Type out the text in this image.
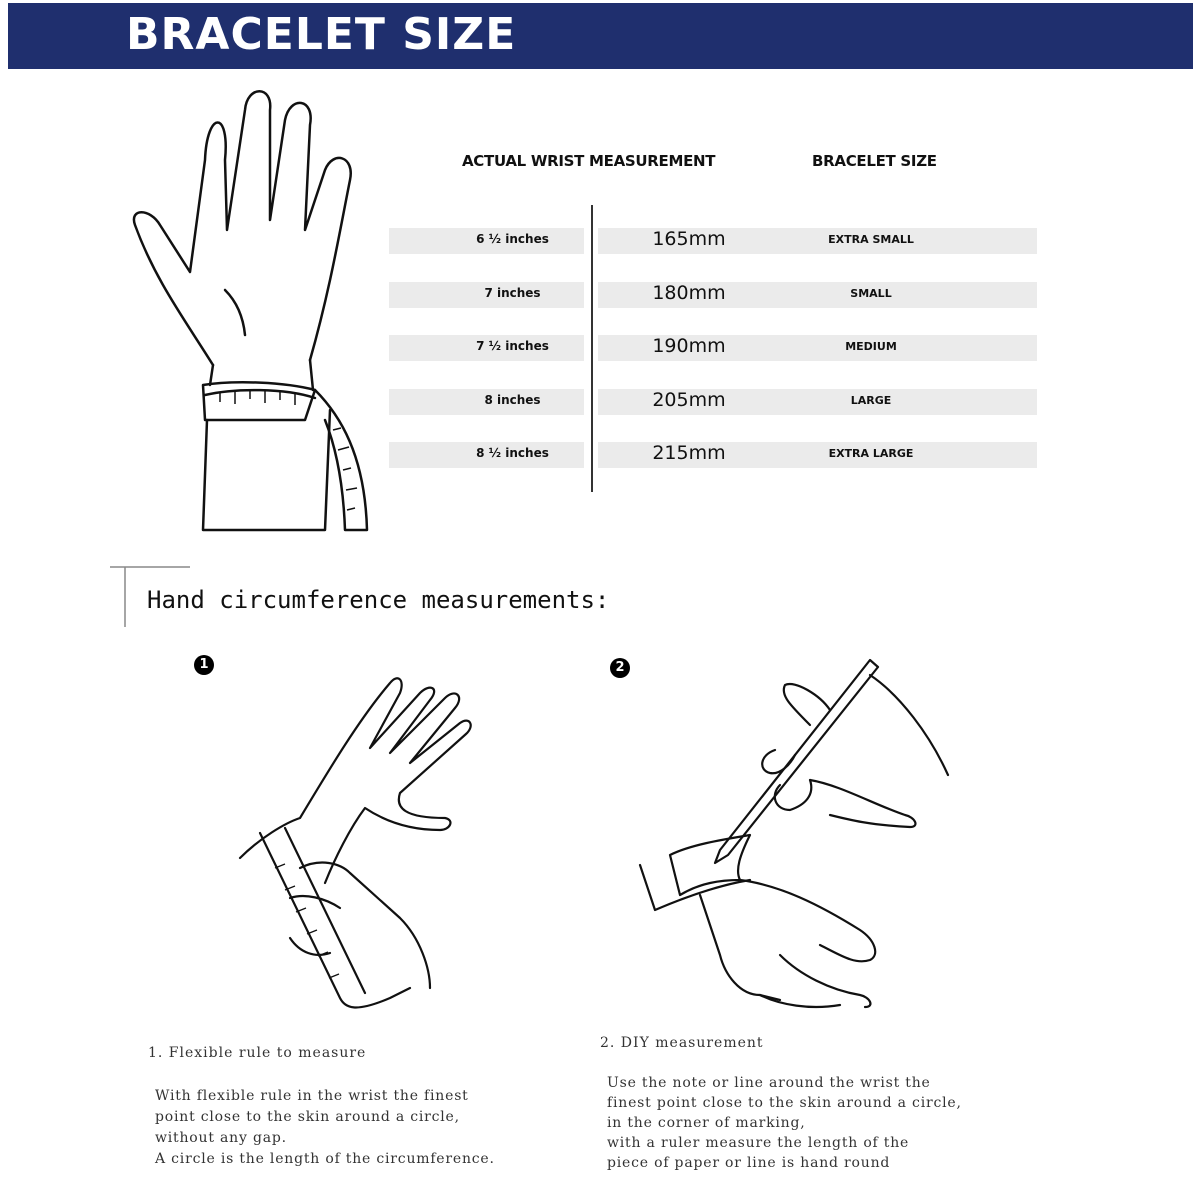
BRACELET SIZE
ACTUAL WRIST MEASUREMENT	BRACELET SIZE
6 ½ inches	165mm	EXTRA SMALL
7 inches	180mm	SMALL
7 ½ inches	190mm	MEDIUM
8 inches	205mm	LARGE
8 ½ inches	215mm	EXTRA LARGE
Hand circumference measurements:
1
1. Flexible rule to measure
With flexible rule in the wrist the finest
point close to the skin around a circle,
without any gap.
A circle is the length of the circumference.
2
2. DIY measurement
Use the note or line around the wrist the
finest point close to the skin around a circle,
in the corner of marking,
with a ruler measure the length of the
piece of paper or line is hand round
